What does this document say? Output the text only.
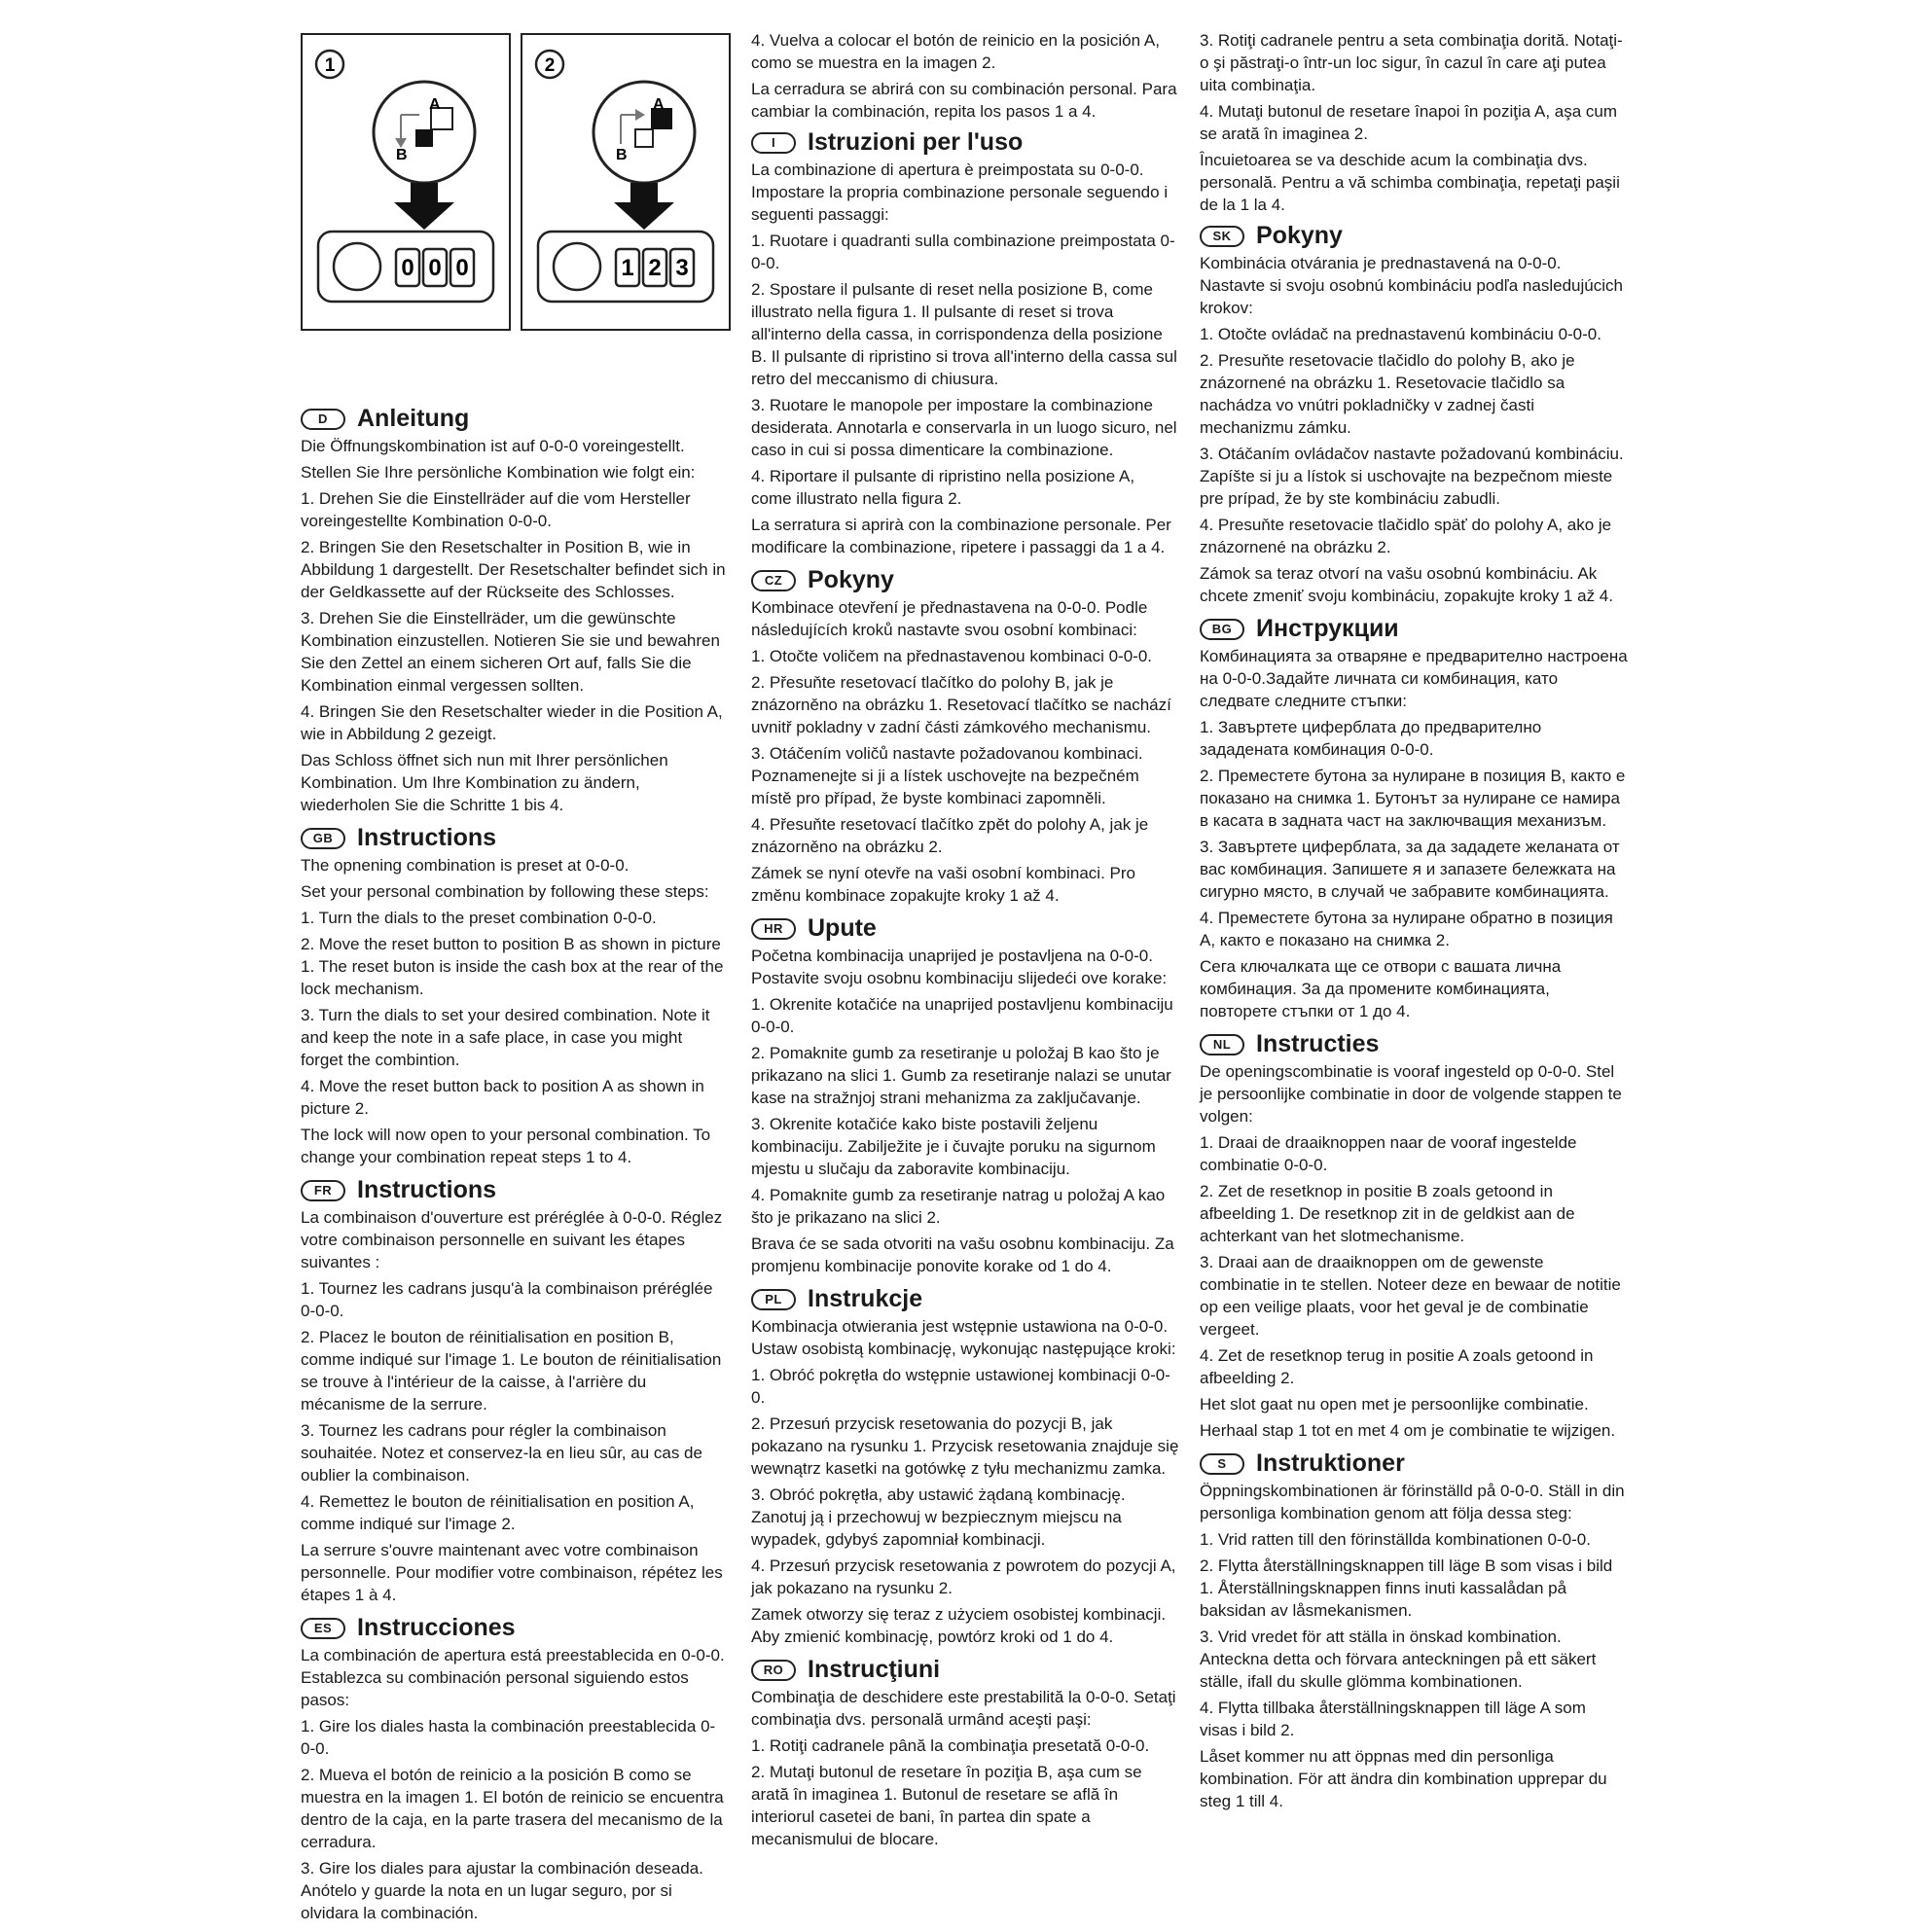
1
A
B
0 0 0
2
A
B
1 2 3
D	Anleitung

Die Öffnungskombination ist auf 0-0-0 voreingestellt.

Stellen Sie Ihre persönliche Kombination wie folgt ein:

1. Drehen Sie die Einstellräder auf die vom Hersteller voreingestellte Kombination 0-0-0.

2. Bringen Sie den Resetschalter in Position B, wie in Abbildung 1 dargestellt. Der Resetschalter befindet sich in der Geldkassette auf der Rückseite des Schlosses.

3. Drehen Sie die Einstellräder, um die gewünschte Kombination einzustellen. Notieren Sie sie und bewahren Sie den Zettel an einem sicheren Ort auf, falls Sie die Kombination einmal vergessen sollten.

4. Bringen Sie den Resetschalter wieder in die Position A, wie in Abbildung 2 gezeigt.

Das Schloss öffnet sich nun mit Ihrer persönlichen Kombination. Um Ihre Kombination zu ändern, wiederholen Sie die Schritte 1 bis 4.

GB Instructions

The opnening combination is preset at 0-0-0.

Set your personal combination by following these steps:

1. Turn the dials to the preset combination 0-0-0.

2. Move the reset button to position B as shown in picture 1. The reset buton is inside the cash box at the rear of the lock mechanism.

3. Turn the dials to set your desired combination. Note it and keep the note in a safe place, in case you might forget the combintion.

4. Move the reset button back to position A as shown in picture 2.

The lock will now open to your personal combination. To change your combination repeat steps 1 to 4.

FR	Instructions

La combinaison d'ouverture est préréglée à 0-0-0. Réglez votre combinaison personnelle en suivant les étapes suivantes :

1. Tournez les cadrans jusqu'à la combinaison préréglée 0-0-0.

2. Placez le bouton de réinitialisation en position B, comme indiqué sur l'image 1. Le bouton de réinitialisation se trouve à l'intérieur de la caisse, à l'arrière du mécanisme de la serrure.

3. Tournez les cadrans pour régler la combinaison souhaitée. Notez et conservez-la en lieu sûr, au cas de oublier la combinaison.

4. Remettez le bouton de réinitialisation en position A, comme indiqué sur l'image 2.

La serrure s'ouvre maintenant avec votre combinaison personnelle. Pour modifier votre combinaison, répétez les étapes 1 à 4.

ES	Instrucciones

La combinación de apertura está preestablecida en 0-0-0. Establezca su combinación personal siguiendo estos pasos:

1. Gire los diales hasta la combinación preestablecida 0-0-0.

2. Mueva el botón de reinicio a la posición B como se muestra en la imagen 1. El botón de reinicio se encuentra dentro de la caja, en la parte trasera del mecanismo de la cerradura.

3. Gire los diales para ajustar la combinación deseada. Anótelo y guarde la nota en un lugar seguro, por si olvidara la combinación.

4. Vuelva a colocar el botón de reinicio en la posición A, como se muestra en la imagen 2.

La cerradura se abrirá con su combinación personal. Para cambiar la combinación, repita los pasos 1 a 4.

I	Istruzioni per l'uso

La combinazione di apertura è preimpostata su 0-0-0. Impostare la propria combinazione personale seguendo i seguenti passaggi:

1. Ruotare i quadranti sulla combinazione preimpostata 0-0-0.

2. Spostare il pulsante di reset nella posizione B, come illustrato nella figura 1. Il pulsante di reset si trova all'interno della cassa, in corrispondenza della posizione B. Il pulsante di ripristino si trova all'interno della cassa sul retro del meccanismo di chiusura.

3. Ruotare le manopole per impostare la combinazione desiderata. Annotarla e conservarla in un luogo sicuro, nel caso in cui si possa dimenticare la combinazione.

4. Riportare il pulsante di ripristino nella posizione A, come illustrato nella figura 2.

La serratura si aprirà con la combinazione personale. Per modificare la combinazione, ripetere i passaggi da 1 a 4.

CZ	Pokyny

Kombinace otevření je přednastavena na 0-0-0. Podle následujících kroků nastavte svou osobní kombinaci:

1. Otočte voličem na přednastavenou kombinaci 0-0-0.

2. Přesuňte resetovací tlačítko do polohy B, jak je znázorněno na obrázku 1. Resetovací tlačítko se nachází uvnitř pokladny v zadní části zámkového mechanismu.

3. Otáčením voličů nastavte požadovanou kombinaci. Poznamenejte si ji a lístek uschovejte na bezpečném místě pro případ, že byste kombinaci zapomněli.

4. Přesuňte resetovací tlačítko zpět do polohy A, jak je znázorněno na obrázku 2.

Zámek se nyní otevře na vaši osobní kombinaci. Pro změnu kombinace zopakujte kroky 1 až 4.

HR	Upute

Početna kombinacija unaprijed je postavljena na 0-0-0. Postavite svoju osobnu kombinaciju slijedeći ove korake:

1. Okrenite kotačiće na unaprijed postavljenu kombinaciju 0-0-0.

2. Pomaknite gumb za resetiranje u položaj B kao što je prikazano na slici 1. Gumb za resetiranje nalazi se unutar kase na stražnjoj strani mehanizma za zaključavanje.

3. Okrenite kotačiće kako biste postavili željenu kombinaciju. Zabilježite je i čuvajte poruku na sigurnom mjestu u slučaju da zaboravite kombinaciju.

4. Pomaknite gumb za resetiranje natrag u položaj A kao što je prikazano na slici 2.

Brava će se sada otvoriti na vašu osobnu kombinaciju. Za promjenu kombinacije ponovite korake od 1 do 4.

PL	Instrukcje

Kombinacja otwierania jest wstępnie ustawiona na 0-0-0. Ustaw osobistą kombinację, wykonując następujące kroki:

1. Obróć pokrętła do wstępnie ustawionej kombinacji 0-0-0.

2. Przesuń przycisk resetowania do pozycji B, jak pokazano na rysunku 1. Przycisk resetowania znajduje się wewnątrz kasetki na gotówkę z tyłu mechanizmu zamka.

3. Obróć pokrętła, aby ustawić żądaną kombinację. Zanotuj ją i przechowuj w bezpiecznym miejscu na wypadek, gdybyś zapomniał kombinacji.

4. Przesuń przycisk resetowania z powrotem do pozycji A, jak pokazano na rysunku 2.

Zamek otworzy się teraz z użyciem osobistej kombinacji. Aby zmienić kombinację, powtórz kroki od 1 do 4.

RO Instrucţiuni

Combinaţia de deschidere este prestabilită la 0-0-0. Setaţi combinaţia dvs. personală urmând aceşti paşi:

1. Rotiţi cadranele până la combinaţia presetată 0-0-0.

2. Mutaţi butonul de resetare în poziţia B, aşa cum se arată în imaginea 1. Butonul de resetare se află în interiorul casetei de bani, în partea din spate a mecanismului de blocare.

3. Rotiţi cadranele pentru a seta combinaţia dorită. Notaţi-o şi păstraţi-o într-un loc sigur, în cazul în care aţi putea uita combinaţia.

4. Mutaţi butonul de resetare înapoi în poziţia A, aşa cum se arată în imaginea 2.

Încuietoarea se va deschide acum la combinaţia dvs. personală. Pentru a vă schimba combinaţia, repetaţi paşii de la 1 la 4.

SK	Pokyny

Kombinácia otvárania je prednastavená na 0-0-0. Nastavte si svoju osobnú kombináciu podľa nasledujúcich krokov:

1. Otočte ovládač na prednastavenú kombináciu 0-0-0.

2. Presuňte resetovacie tlačidlo do polohy B, ako je znázornené na obrázku 1. Resetovacie tlačidlo sa nachádza vo vnútri pokladničky v zadnej časti mechanizmu zámku.

3. Otáčaním ovládačov nastavte požadovanú kombináciu. Zapíšte si ju a lístok si uschovajte na bezpečnom mieste pre prípad, že by ste kombináciu zabudli.

4. Presuňte resetovacie tlačidlo späť do polohy A, ako je znázornené na obrázku 2.

Zámok sa teraz otvorí na vašu osobnú kombináciu. Ak chcete zmeniť svoju kombináciu, zopakujte kroky 1 až 4.

BG Инструкции

Комбинацията за отваряне е предварително настроена на 0-0-0.Задайте личната си комбинация, като следвате следните стъпки:

1. Завъртете циферблата до предварително зададената комбинация 0-0-0.

2. Преместете бутона за нулиране в позиция B, както е показано на снимка 1. Бутонът за нулиране се намира в касата в задната част на заключващия механизъм.

3. Завъртете циферблата, за да зададете желаната от вас комбинация. Запишете я и запазете бележката на сигурно място, в случай че забравите комбинацията.

4. Преместете бутона за нулиране обратно в позиция A, както е показано на снимка 2.

Сега ключалката ще се отвори с вашата лична комбинация. За да промените комбинацията, повторете стъпки от 1 до 4.

NL	Instructies

De openingscombinatie is vooraf ingesteld op 0-0-0. Stel je persoonlijke combinatie in door de volgende stappen te volgen:

1. Draai de draaiknoppen naar de vooraf ingestelde combinatie 0-0-0.

2. Zet de resetknop in positie B zoals getoond in afbeelding 1. De resetknop zit in de geldkist aan de achterkant van het slotmechanisme.

3. Draai aan de draaiknoppen om de gewenste combinatie in te stellen. Noteer deze en bewaar de notitie op een veilige plaats, voor het geval je de combinatie vergeet.

4. Zet de resetknop terug in positie A zoals getoond in afbeelding 2.

Het slot gaat nu open met je persoonlijke combinatie.

Herhaal stap 1 tot en met 4 om je combinatie te wijzigen.

S	Instruktioner

Öppningskombinationen är förinställd på 0-0-0. Ställ in din personliga kombination genom att följa dessa steg:

1. Vrid ratten till den förinställda kombinationen 0-0-0.

2. Flytta återställningsknappen till läge B som visas i bild 1. Återställningsknappen finns inuti kassalådan på baksidan av låsmekanismen.

3. Vrid vredet för att ställa in önskad kombination. Anteckna detta och förvara anteckningen på ett säkert ställe, ifall du skulle glömma kombinationen.

4. Flytta tillbaka återställningsknappen till läge A som visas i bild 2.

Låset kommer nu att öppnas med din personliga kombination. För att ändra din kombination upprepar du steg 1 till 4.
